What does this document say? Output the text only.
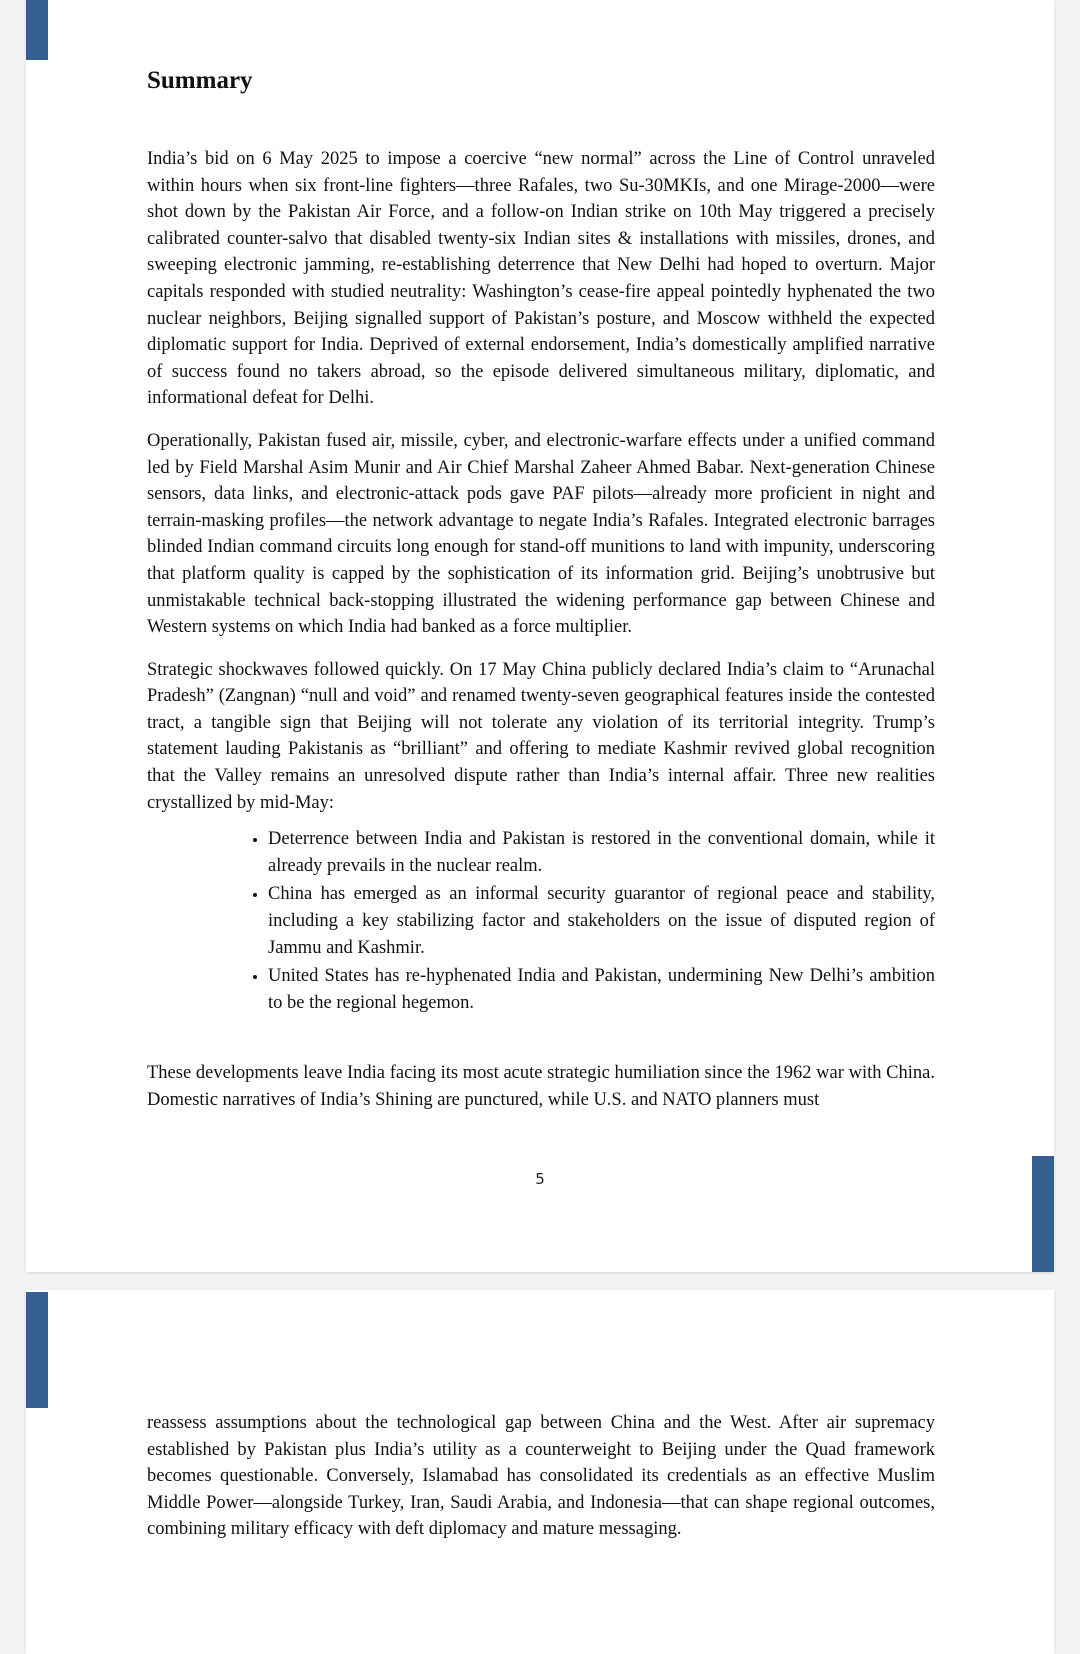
Summary

India’s bid on 6 May 2025 to impose a coercive “new normal” across the Line of Control unraveled within hours when six front-line fighters—three Rafales, two Su-30MKIs, and one Mirage-2000—were shot down by the Pakistan Air Force, and a follow-on Indian strike on 10th May triggered a precisely calibrated counter-salvo that disabled twenty-six Indian sites & installations with missiles, drones, and sweeping electronic jamming, re-establishing deterrence that New Delhi had hoped to overturn. Major capitals responded with studied neutrality: Washington’s cease-fire appeal pointedly hyphenated the two nuclear neighbors, Beijing signalled support of Pakistan’s posture, and Moscow withheld the expected diplomatic support for India. Deprived of external endorsement, India’s domestically amplified narrative of success found no takers abroad, so the episode delivered simultaneous military, diplomatic, and informational defeat for Delhi.

Operationally, Pakistan fused air, missile, cyber, and electronic-warfare effects under a unified command led by Field Marshal Asim Munir and Air Chief Marshal Zaheer Ahmed Babar. Next-generation Chinese sensors, data links, and electronic-attack pods gave PAF pilots—already more proficient in night and terrain-masking profiles—the network advantage to negate India’s Rafales. Integrated electronic barrages blinded Indian command circuits long enough for stand-off munitions to land with impunity, underscoring that platform quality is capped by the sophistication of its information grid. Beijing’s unobtrusive but unmistakable technical back-stopping illustrated the widening performance gap between Chinese and Western systems on which India had banked as a force multiplier.

Strategic shockwaves followed quickly. On 17 May China publicly declared India’s claim to “Arunachal Pradesh” (Zangnan) “null and void” and renamed twenty-seven geographical features inside the contested tract, a tangible sign that Beijing will not tolerate any violation of its territorial integrity. Trump’s statement lauding Pakistanis as “brilliant” and offering to mediate Kashmir revived global recognition that the Valley remains an unresolved dispute rather than India’s internal affair. Three new realities crystallized by mid-May:

• Deterrence between India and Pakistan is restored in the conventional domain, while it already prevails in the nuclear realm.
• China has emerged as an informal security guarantor of regional peace and stability, including a key stabilizing factor and stakeholders on the issue of disputed region of Jammu and Kashmir.
• United States has re-hyphenated India and Pakistan, undermining New Delhi’s ambition to be the regional hegemon.

These developments leave India facing its most acute strategic humiliation since the 1962 war with China. Domestic narratives of India’s Shining are punctured, while U.S. and NATO planners must

5

reassess assumptions about the technological gap between China and the West. After air supremacy established by Pakistan plus India’s utility as a counterweight to Beijing under the Quad framework becomes questionable. Conversely, Islamabad has consolidated its credentials as an effective Muslim Middle Power—alongside Turkey, Iran, Saudi Arabia, and Indonesia—that can shape regional outcomes, combining military efficacy with deft diplomacy and mature messaging.
